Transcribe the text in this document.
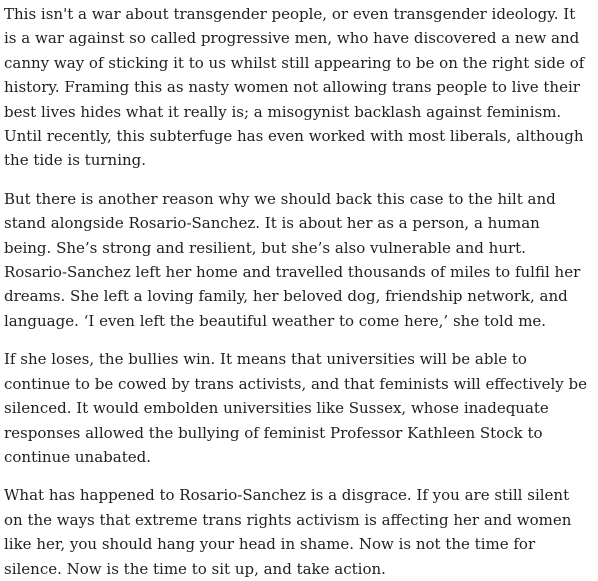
This isn't a war about transgender people, or even transgender ideology. It is a war against so called progressive men, who have discovered a new and canny way of sticking it to us whilst still appearing to be on the right side of history. Framing this as nasty women not allowing trans people to live their best lives hides what it really is; a misogynist backlash against feminism. Until recently, this subterfuge has even worked with most liberals, although the tide is turning.

But there is another reason why we should back this case to the hilt and stand alongside Rosario-Sanchez. It is about her as a person, a human being. She’s strong and resilient, but she’s also vulnerable and hurt. Rosario-Sanchez left her home and travelled thousands of miles to fulfil her dreams. She left a loving family, her beloved dog, friendship network, and language. ‘I even left the beautiful weather to come here,’ she told me.

If she loses, the bullies win. It means that universities will be able to continue to be cowed by trans activists, and that feminists will effectively be silenced. It would embolden universities like Sussex, whose inadequate responses allowed the bullying of feminist Professor Kathleen Stock to continue unabated.

What has happened to Rosario-Sanchez is a disgrace. If you are still silent on the ways that extreme trans rights activism is affecting her and women like her, you should hang your head in shame. Now is not the time for silence. Now is the time to sit up, and take action.
